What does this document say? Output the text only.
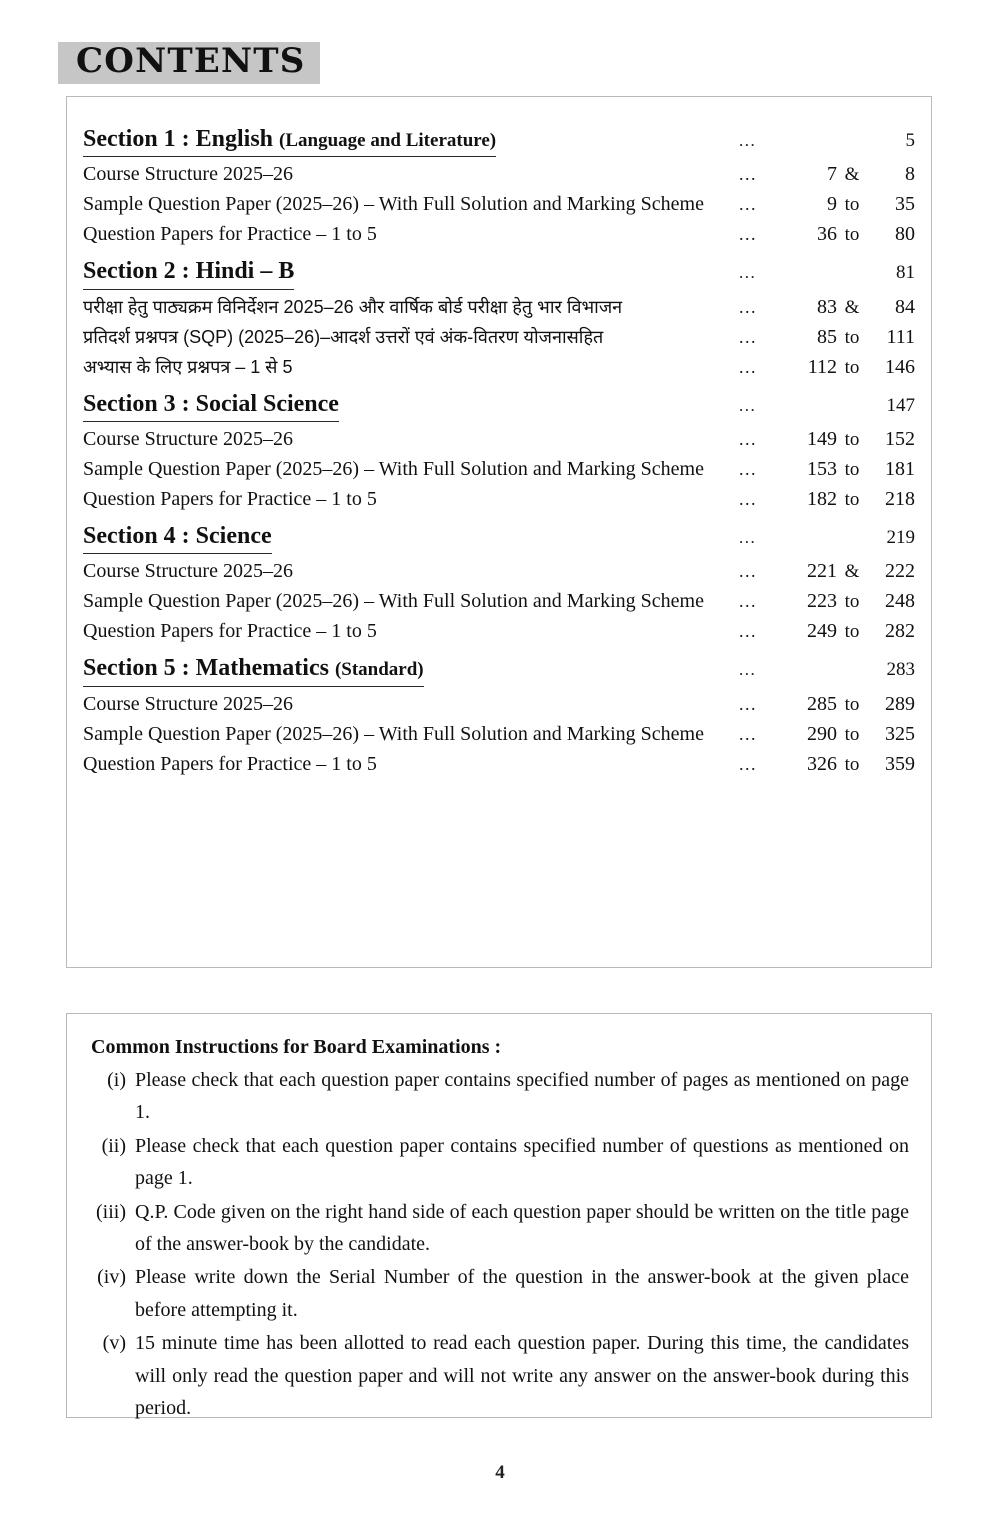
CONTENTS
Section 1 : English (Language and Literature)	...	5
Course Structure 2025–26	...	7 &	8
Sample Question Paper (2025–26) – With Full Solution and Marking Scheme ...	9 to	35
Question Papers for Practice – 1 to 5	...	36 to	80
Section 2 : Hindi – B	...	81
परीक्षा हेतु पाठ्यक्रम विनिर्देशन 2025–26 और वार्षिक बोर्ड परीक्षा हेतु भार विभाजन	...	83 &	84
प्रतिदर्श प्रश्नपत्र (SQP) (2025–26)–आदर्श उत्तरों एवं अंक-वितरण योजनासहित	...	85 to	111
अभ्यास के लिए प्रश्नपत्र – 1 से 5	...	112 to	146
Section 3 : Social Science	...	147
Course Structure 2025–26	...	149 to	152
Sample Question Paper (2025–26) – With Full Solution and Marking Scheme ...	153 to	181
Question Papers for Practice – 1 to 5	...	182 to	218
Section 4 : Science	...	219
Course Structure 2025–26	...	221 &	222
Sample Question Paper (2025–26) – With Full Solution and Marking Scheme ...	223 to	248
Question Papers for Practice – 1 to 5	...	249 to	282
Section 5 : Mathematics (Standard)	...	283
Course Structure 2025–26	...	285 to	289
Sample Question Paper (2025–26) – With Full Solution and Marking Scheme ...	290 to	325
Question Papers for Practice – 1 to 5	...	326 to	359
Common Instructions for Board Examinations :
(i) Please check that each question paper contains specified number of pages as mentioned on page 1.
(ii) Please check that each question paper contains specified number of questions as mentioned on page 1.
(iii) Q.P. Code given on the right hand side of each question paper should be written on the title page of the answer-book by the candidate.
(iv) Please write down the Serial Number of the question in the answer-book at the given place before attempting it.
(v) 15 minute time has been allotted to read each question paper. During this time, the candidates will only read the question paper and will not write any answer on the answer-book during this period.
4
